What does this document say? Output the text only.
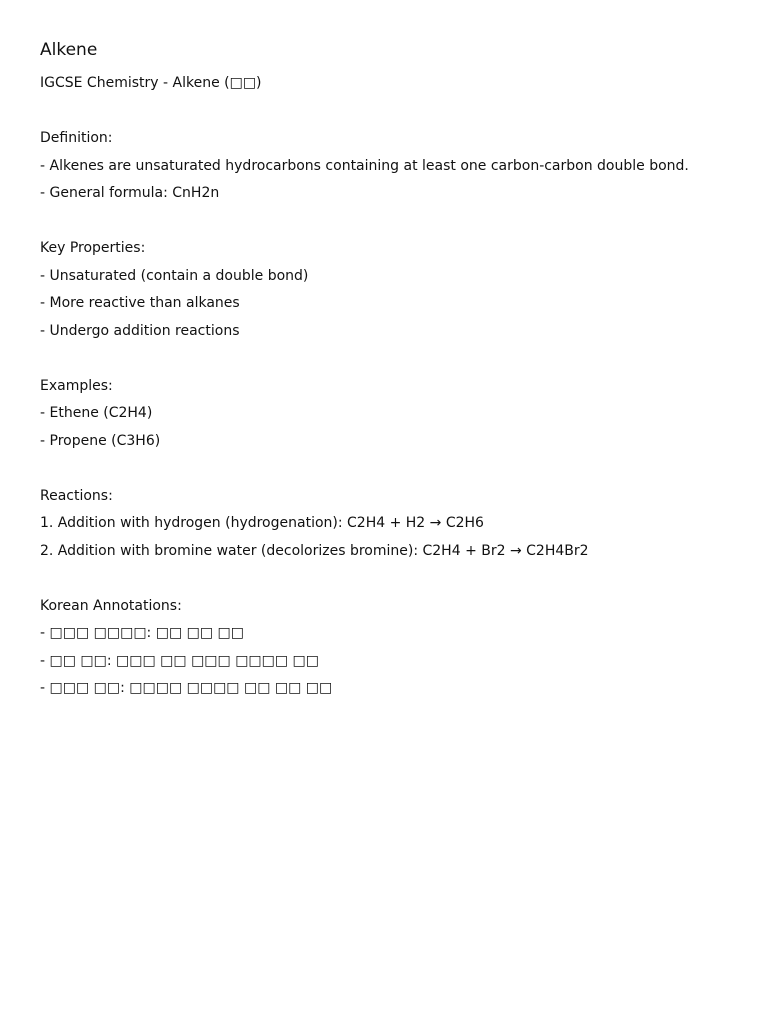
Alkene
IGCSE Chemistry - Alkene (□□)
Definition:
- Alkenes are unsaturated hydrocarbons containing at least one carbon-carbon double bond.
- General formula: CnH2n
Key Properties:
- Unsaturated (contain a double bond)
- More reactive than alkanes
- Undergo addition reactions
Examples:
- Ethene (C2H4)
- Propene (C3H6)
Reactions:
1. Addition with hydrogen (hydrogenation): C2H4 + H2 → C2H6
2. Addition with bromine water (decolorizes bromine): C2H4 + Br2 → C2H4Br2
Korean Annotations:
- □□□ □□□□: □□ □□ □□
- □□ □□: □□□ □□ □□□ □□□□ □□
- □□□ □□: □□□□ □□□□ □□ □□ □□
